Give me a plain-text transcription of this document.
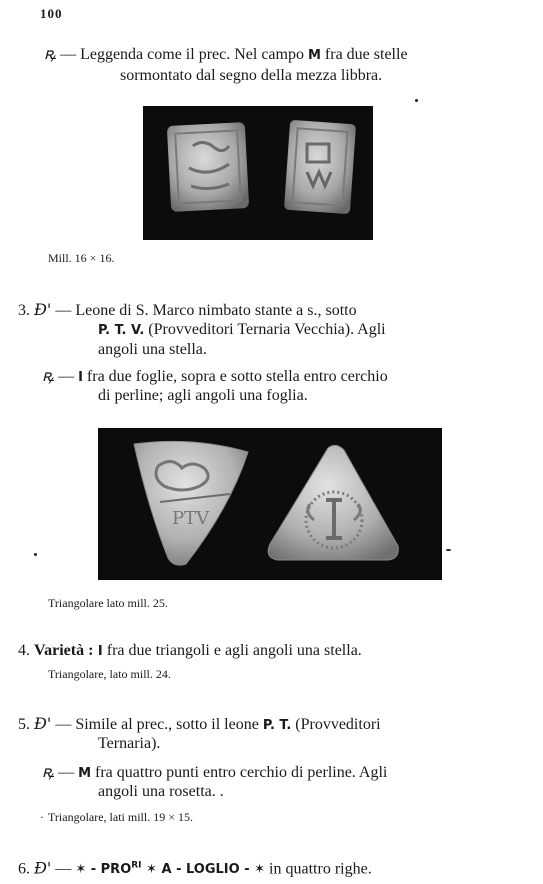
100
ꝶ — Leggenda come il prec. Nel campo M fra due stelle
sormontato dal segno della mezza libbra.
Mill. 16 × 16.
3. Đ' — Leone di S. Marco nimbato stante a s., sotto
P. T. V. (Provveditori Ternaria Vecchia). Agli
angoli una stella.
ꝶ — I fra due foglie, sopra e sotto stella entro cerchio
di perline; agli angoli una foglia.
PTV
Triangolare lato mill. 25.
4. Varietà : I fra due triangoli e agli angoli una stella.
Triangolare, lato mill. 24.
5. Đ' — Simile al prec., sotto il leone P. T. (Provveditori
Ternaria).
ꝶ — M fra quattro punti entro cerchio di perline. Agli
angoli una rosetta. .
· Triangolare, lati mill. 19 × 15.
6. Đ' — ✶ - $PRO^{RI}$ ✶ A - LOGLIO - ✶ in quattro righe.
